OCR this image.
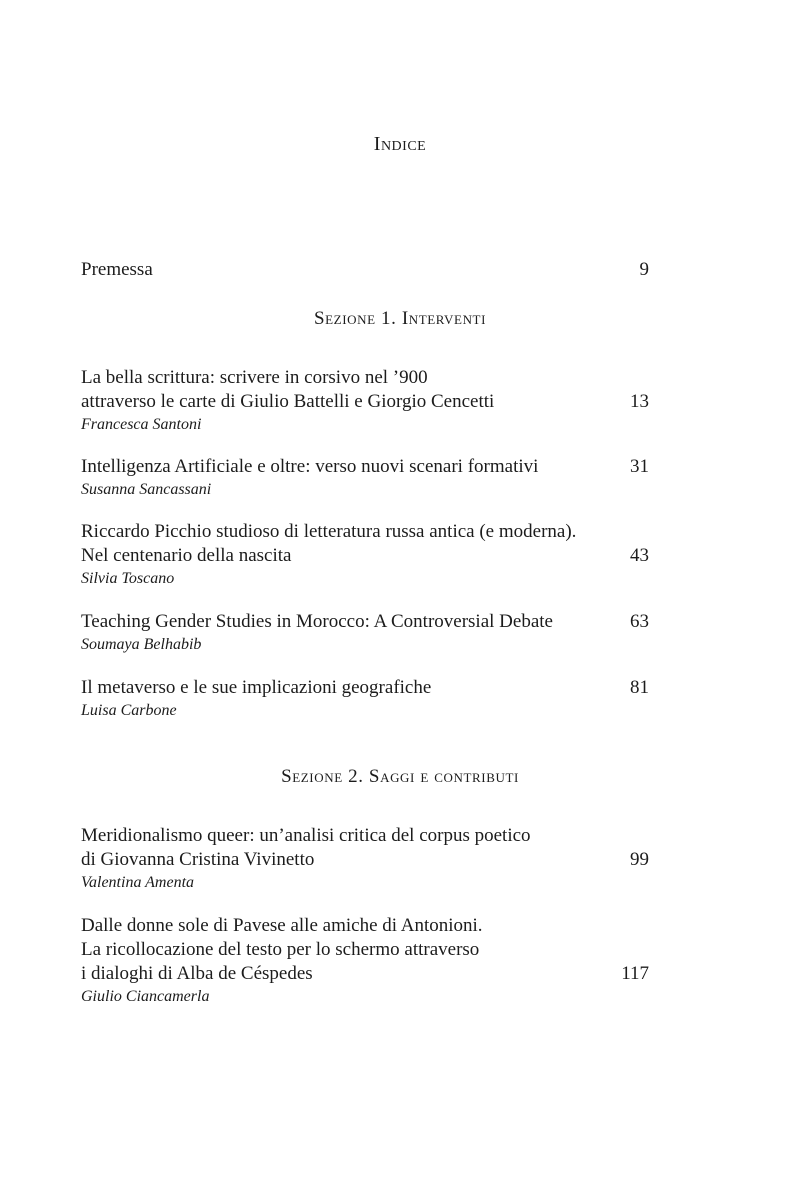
Indice
Premessa	9
Sezione 1. Interventi
La bella scrittura: scrivere in corsivo nel ’900
attraverso le carte di Giulio Battelli e Giorgio Cencetti
Francesca Santoni
13
Intelligenza Artificiale e oltre: verso nuovi scenari formativi
Susanna Sancassani
31
Riccardo Picchio studioso di letteratura russa antica (e moderna).
Nel centenario della nascita
Silvia Toscano
43
Teaching Gender Studies in Morocco: A Controversial Debate
Soumaya Belhabib
63
Il metaverso e le sue implicazioni geografiche
Luisa Carbone
81
Sezione 2. Saggi e contributi
Meridionalismo queer: un’analisi critica del corpus poetico
di Giovanna Cristina Vivinetto
Valentina Amenta
99
Dalle donne sole di Pavese alle amiche di Antonioni.
La ricollocazione del testo per lo schermo attraverso
i dialoghi di Alba de Céspedes
Giulio Ciancamerla
117
